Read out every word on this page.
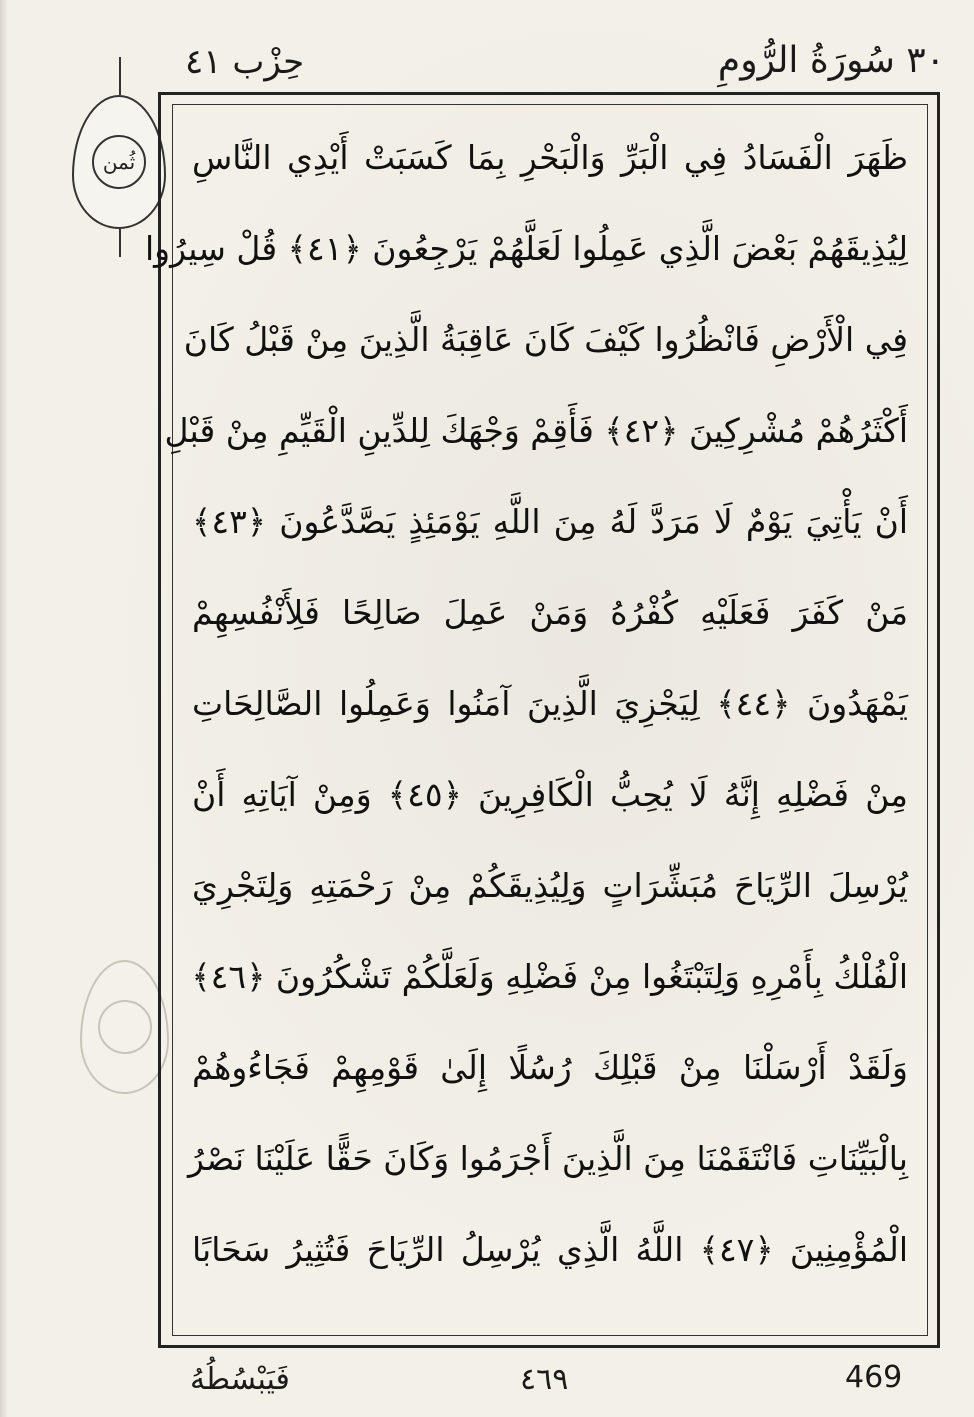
٣٠ سُورَةُ الرُّومِ
حِزْب ٤١
ثُمن	ظَهَرَ الْفَسَادُ فِي الْبَرِّ وَالْبَحْرِ بِمَا كَسَبَتْ أَيْدِي النَّاسِ
لِيُذِيقَهُمْ بَعْضَ الَّذِي عَمِلُوا لَعَلَّهُمْ يَرْجِعُونَ ﴿٤١﴾ قُلْ سِيرُوا
فِي الْأَرْضِ فَانْظُرُوا كَيْفَ كَانَ عَاقِبَةُ الَّذِينَ مِنْ قَبْلُ كَانَ
أَكْثَرُهُمْ مُشْرِكِينَ ﴿٤٢﴾ فَأَقِمْ وَجْهَكَ لِلدِّينِ الْقَيِّمِ مِنْ قَبْلِ
أَنْ يَأْتِيَ يَوْمٌ لَا مَرَدَّ لَهُ مِنَ اللَّهِ يَوْمَئِذٍ يَصَّدَّعُونَ ﴿٤٣﴾
مَنْ كَفَرَ فَعَلَيْهِ كُفْرُهُ وَمَنْ عَمِلَ صَالِحًا فَلِأَنْفُسِهِمْ
يَمْهَدُونَ ﴿٤٤﴾ لِيَجْزِيَ الَّذِينَ آمَنُوا وَعَمِلُوا الصَّالِحَاتِ
مِنْ فَضْلِهِ إِنَّهُ لَا يُحِبُّ الْكَافِرِينَ ﴿٤٥﴾ وَمِنْ آيَاتِهِ أَنْ
يُرْسِلَ الرِّيَاحَ مُبَشِّرَاتٍ وَلِيُذِيقَكُمْ مِنْ رَحْمَتِهِ وَلِتَجْرِيَ
الْفُلْكُ بِأَمْرِهِ وَلِتَبْتَغُوا مِنْ فَضْلِهِ وَلَعَلَّكُمْ تَشْكُرُونَ ﴿٤٦﴾
وَلَقَدْ أَرْسَلْنَا مِنْ قَبْلِكَ رُسُلًا إِلَىٰ قَوْمِهِمْ فَجَاءُوهُمْ
بِالْبَيِّنَاتِ فَانْتَقَمْنَا مِنَ الَّذِينَ أَجْرَمُوا وَكَانَ حَقًّا عَلَيْنَا نَصْرُ
الْمُؤْمِنِينَ ﴿٤٧﴾ اللَّهُ الَّذِي يُرْسِلُ الرِّيَاحَ فَتُثِيرُ سَحَابًا
469
٤٦٩
فَيَبْسُطُهُ
